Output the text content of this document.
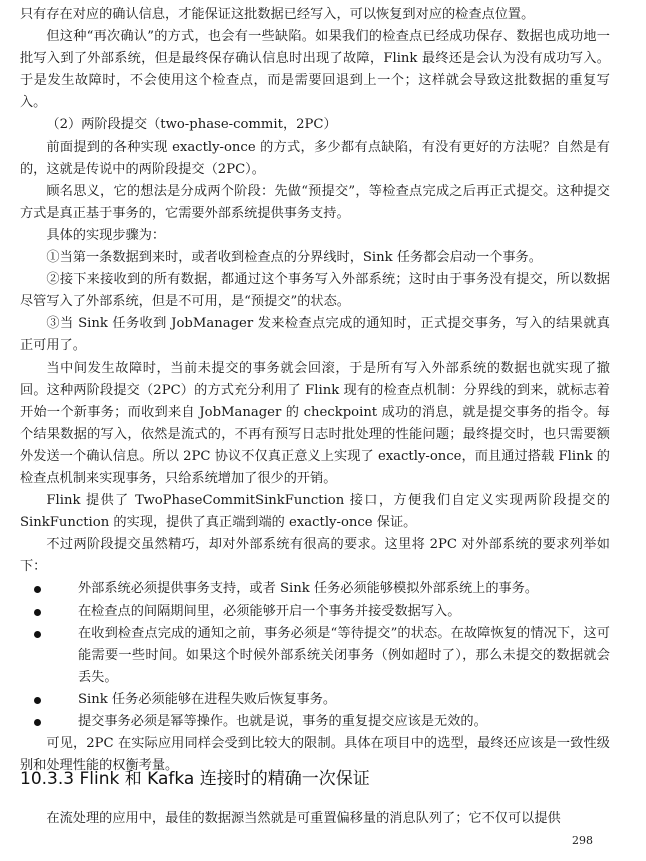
只有存在对应的确认信息，才能保证这批数据已经写入，可以恢复到对应的检查点位置。

但这种“再次确认”的方式，也会有一些缺陷。如果我们的检查点已经成功保存、数据也成功地一批写入到了外部系统，但是最终保存确认信息时出现了故障，Flink 最终还是会认为没有成功写入。于是发生故障时，不会使用这个检查点，而是需要回退到上一个；这样就会导致这批数据的重复写入。

（2）两阶段提交（two-phase-commit，2PC）

前面提到的各种实现 exactly-once 的方式，多少都有点缺陷，有没有更好的方法呢？自然是有的，这就是传说中的两阶段提交（2PC）。

顾名思义，它的想法是分成两个阶段：先做“预提交”，等检查点完成之后再正式提交。这种提交方式是真正基于事务的，它需要外部系统提供事务支持。

具体的实现步骤为：

①当第一条数据到来时，或者收到检查点的分界线时，Sink 任务都会启动一个事务。

②接下来接收到的所有数据，都通过这个事务写入外部系统；这时由于事务没有提交，所以数据尽管写入了外部系统，但是不可用，是“预提交”的状态。

③当 Sink 任务收到 JobManager 发来检查点完成的通知时，正式提交事务，写入的结果就真正可用了。

当中间发生故障时，当前未提交的事务就会回滚，于是所有写入外部系统的数据也就实现了撤回。这种两阶段提交（2PC）的方式充分利用了 Flink 现有的检查点机制：分界线的到来，就标志着开始一个新事务；而收到来自 JobManager 的 checkpoint 成功的消息，就是提交事务的指令。每个结果数据的写入，依然是流式的，不再有预写日志时批处理的性能问题；最终提交时，也只需要额外发送一个确认信息。所以 2PC 协议不仅真正意义上实现了 exactly-once，而且通过搭载 Flink 的检查点机制来实现事务，只给系统增加了很少的开销。

Flink 提供了 TwoPhaseCommitSinkFunction 接口，方便我们自定义实现两阶段提交的 SinkFunction 的实现，提供了真正端到端的 exactly-once 保证。

不过两阶段提交虽然精巧，却对外部系统有很高的要求。这里将 2PC 对外部系统的要求列举如下：

外部系统必须提供事务支持，或者 Sink 任务必须能够模拟外部系统上的事务。
在检查点的间隔期间里，必须能够开启一个事务并接受数据写入。
在收到检查点完成的通知之前，事务必须是“等待提交”的状态。在故障恢复的情况下，这可能需要一些时间。如果这个时候外部系统关闭事务（例如超时了），那么未提交的数据就会丢失。
Sink 任务必须能够在进程失败后恢复事务。
提交事务必须是幂等操作。也就是说，事务的重复提交应该是无效的。

可见，2PC 在实际应用同样会受到比较大的限制。具体在项目中的选型，最终还应该是一致性级别和处理性能的权衡考量。

10.3.3 Flink 和 Kafka 连接时的精确一次保证

在流处理的应用中，最佳的数据源当然就是可重置偏移量的消息队列了；它不仅可以提供

298
